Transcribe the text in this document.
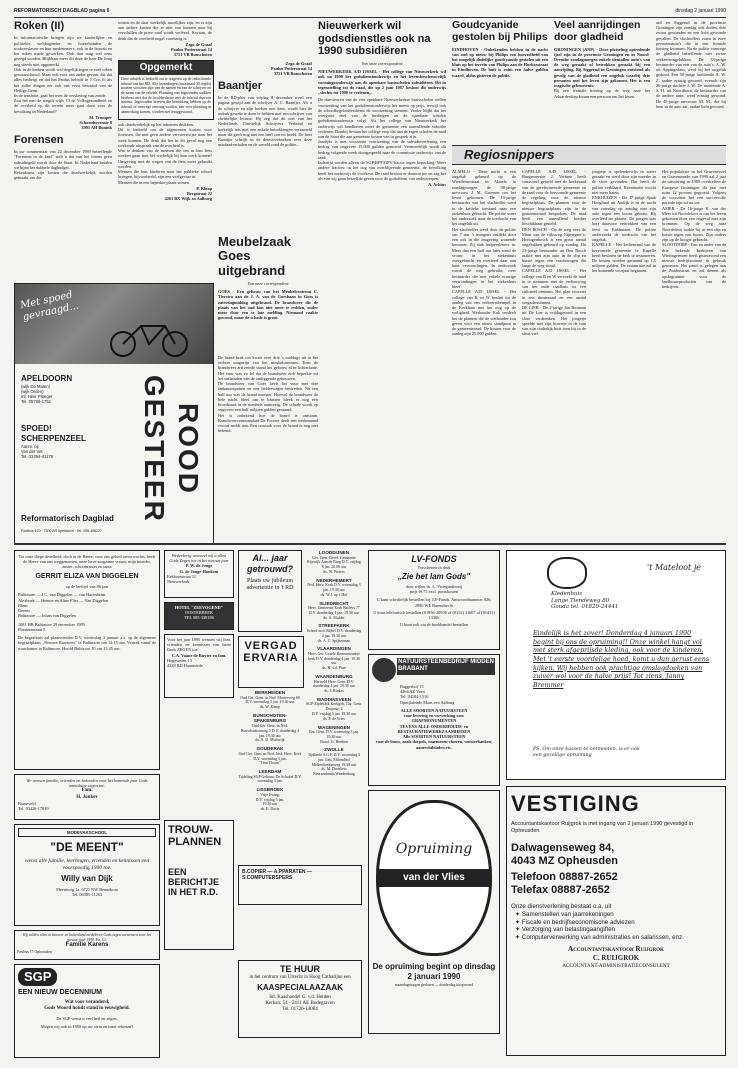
REFORMATORISCH DAGBLAD pagina 6	dinsdag 2 januari 1990
Roken (II)
In informatorische kringen zijn we kinderlijker en politieker weldragender en hoezebonden de rookverslaven en hun medenemers, ook in de hoorzit en het roken mede gewerken. Ook dan mag wel eens gezegd worden. Blijkbaar meer dit deze de heer De Jong nog steeds niet opgemerkt.
Ook in de kerken wordt wel degelijk tegen te veel roken gewaarschuwd. Maar ook voor ons ander gevaar, dat dat alles bedreigt en dat het Paulus belooft in 1 Cor. 6: als het zulke dingen eer ook ons eerst bewaard van de Heilige Geest.
In de tenslotte, gaat het over de verslaving van zonde.
Zou het met de toegift wijfs 13 de Volksgezondheid en de overheid op dit terrein meer gaat doen voor de bevolking in Nederland?
M. Trumper
Schoonhovenstr 8
3991 AH Bunnik
Forensen
In uw commentaar van 22 december 1989 betreffende "Forensen in de knel" stelt u dat van het forens geen subsidiegeld wordt door de Staat. In Nederland betalen we bijna het dubbele dagbudget.
Rekenkunst zijn kosten die deadwerkelijk worden gemaakt om die
wenen en de daar werkelijk moeilijker zijn, en er zijn aan andere kosten die er niet van kunnen naar bij verschillen de prive raad wordt verleerd. Kortom, de denk dat de overheid nogal voorbarig is.
Zego de Graaf
Paulus Potterstraat 14
3751 VB Bunschoten
Opgemerkt
Deze rubriek is bedoeld om te reageren op de redactionele inhoud van het RD. Alle inzendingen (maximaal 30 regels) moeten voorzien zijn van de namen en van de schrijver en de naam van de rubriek. Plaatsing van ingezonden stukken betekent niet dat de hoofdredactie met de inhoud daarvan instemt. Ingezonden brieven die betrekking hebben op de inhoud, of vanwege omvang worden, niet voor plaatsing in aanmerking komen, worden niet teruggestuurd.
ook daadwerkelijk op het inkomen drukken.
Dit is bedoeld om de afgenomen kosten voor forensen, die met geen andere vervoerswijze naar het werk kunnen. De denk dat het in dit geval nog een werkende uitspraak van de overheid is.
Wat te denken van de mensen die ten in hun fiets werken gaan met het werkelijk bij hun werk komen? Omgeving met de wagen van de fiets moet gebruikt worden.
Mensen die hun kinderen naar het publieke school brengen, bijvoorbeeld, zijn een veelgevaar in.
Mensen die in een beperkte plaats wonen.
P. Kloop
Bergstraat 22
4261 BX Wijk en Aalburg
Zego de Graaf
Paulus Potterstraat 14
3751 VB Bunschoten
Baantjer
In de RD-plus van vrijdag 8 december werd een pagina gewijd aan de schrijver A. C. Baantjer. Als u de schrijver en zijn boeken niet kent, wordt hier de indruk gewekt te doen te hebben met een schrijver van christelijke lectuur. Hij zeg dat dit niet van het Nederlands Christelijk Schrijvers Verbond en kerkelijk iets met een enkele betrekkingen verzameld maar dit geeft nog niet een heel correct beeld. De heer Baantjer schrijft in de detectiveboeken over deze misdaadverhalen en de wereld rond de politie...
Met spoed gevraagd...
APELDOORN
(wijk De Maten)
(wijk Orden)
Inl: Heer Ploeger
Tel. 05768-1751
SPOED!
SCHERPENZEEL
Aanm. bij
Van der Vet
Tel. 03494-41176	ROOD GESTEER
Reformatorisch Dagblad
Postbus 670 · 7300 AR Apeldoorn · Tel. 055-496227
Nieuwerkerk wil godsdienstles ook na 1990 subsidiëren
Van onze correspondent
NIEUWERKERK A/D IJSSEL - Het college van Nieuwerkerk wil ook na 1990 het godsdienstonderwijs en het levensbeschouwelijk vormingsonderwijs aan de openbare basisscholen subsidiëren. Dit in tegenstelling tot de raad, die op 2 juni 1987 besloot dit onderwijs „slechts tot 1990 te verlenen„.
De directeuren van de vier openbare Nieuwerkerkse basisscholen stellen voortzetting van het godsdienstonderwijs het meest op prijs, terwijl ook de schoolbegeleidersdienst de voortzetting steunen. Verder blijkt dat het overgrote deel van de leerlingen uit de openbare scholen godsdienstonderwijs volgt. Als het college van Nieuwerkerk het onderwijs wil handhaven moet de gemeente een aanvullende subsidie verlenen. Daarbij bestaat het college erop dat aan de eigen scholen de raad van de Staat die aan gemeente kosten van in gesprek zijn.
Jaarlijks is met voortzette voortzetting van de subsidieverlening een bedrag van ongeveer 15.000 gulden gemoeid. Vermoedelijk wordt dit bedrag volgende week doorgespeeld naar de commissie onderwijs van de raad.
Indertijd werden alleen de SGP/RPF/GPV-fractie tegen beperking. Meer andere fracties: in het oog van overblijvende gemeente, de bevolking heeft het onderwijs de voorkeur. De raad besloot er daarom toe en zag het als van wij gaan hetzelfde geven voor de godsdienst van onderwerpen.
A. Achtus
Meubelzaak Goes uitgebrand
Van onze correspondent
GOES - Een gebouw van het Meubelcentrum C. Tierstra aan de J. A. van de Goesbaan in Goes is zaterdagmiddag uitgebrand. De brandweer die de plaats van het oud kon niet meer te redden, onder meer door een te late melding. Niemand raakte gewond, maar de schade is groot.
De brand brak om kwart over drie 's middags uit in het rechter magazijn van het meubelcentrum. Toen de brandweer arriveerde stond het gebouw al in lichterlaaie. Het vuur was zo fel dat de brandweer zich beperkte tot het nathouden van de omliggende gebouwen.
De brandweer van Goes heeft het vuur met drie tankautospuiten en een ladderwagen bestreden. Na een half uur was de brand meester. Hoewel de brandweer de hele nacht bleef om te blussen bleek er nog een broeihaard in de meubels aanwezig. De schade wordt op ongeveer een half miljoen gulden geraamd.
Het is onbekend hoe de brand is ontstaan. Brandweercommandant De Poorter deelt een werkmaand vooraf meldt aan. Een oorzaak voor de brand is nog niet bekend.
Goudcyanide gestolen bij Philips
EINDHOVEN - Onbekenden hebben in de nacht van oud op nieuw bij Philips een hoeveelheid van het mogelijk dodelijke goudcyanide gestolen uit een kluis op het terrein van Philips aan de Hurksestraat in Eindhoven. De buit is ruim een halve gulden waard, aldus gisteren de politie.
Veel aanrijdingen door gladheid
GRONINGEN (ANP) - Door plotseling optredende ijzel zijn in de provincie Groningen en in Noord-Drenthe zondagmorgen enkele tientallen auto's van de weg geraakt of betrokken geraakt bij een aanrijding. Bij Siggerud in Groningen ontstond als gevolg van de gladheid een ongeluk waarbij drie personen met het leven zijn gekomen. Het is een tragische gebeurtenis.
Bij een frontale botsing op de weg naar het Aduarderdiep kwam een persoon om het leven.
ard en Siggerud in de provincie Groningen zijn zondag ook doden, drie zwaar gewonden en een licht gewonde gevallen. De slachtoffers zaten in twee personenauto's die in een frontale botsing kwamen. Na de politie vanwege de gladheid betreffende niet zware verkeersongelukken. De 53-jarige bestuurder van een van de auto's, A. W. uit Appingedam, werd bij het ongeluk gedood. Een 50-jarige inzittende A. W. Z. raakte ernstig gewond, evenals zijn 26-jarige dochter J. W. De inzittende A. S. H. uit Noordhorn, de bestuurder van de andere auto, werd ernstig gewond. De 45-jarige mevrouw M. M., die bij hem in de auto zat, raakte licht gewond.
Regiosnippers
ALMELO - Deze nacht is een ongeluk gebeurd op de Wierdensestraat in Almelo in zondagmorgen de 58-jarige mevrouw J. M. Groenen om het leven gekomen. De 19-jarige bestuurder van het slachtoffer werd in de kritieke toestand naar een ziekenhuis gebracht. De politie voert het onderzoek naar de toedracht van het ongeluk uit.
Het slachtoffer werd door de politie om 7 uur 's morgens ontdekt door een ook in die omgeving wonende bewoner. Zij stak hulpverleners in. Meer dan een half uur later werd de vrouw in het ziekenhuis overgebracht en overleed daar aan haar verwondingen. In onderzoek wordt de weg gebruikt, over bestuurder die met enkele ernstige verwondingen in het ziekenhuis bleef.
CAPELLE A/D IJSSEL - Het college van B en W besluit tot de aanleg van een verkeersdrempel in de Kerklaan met het oog op de veiligheid. Wethouder Kok verdeelt het de plannen die de wethouder zou geven voor een nieuw standpunt in de gemeenteraad. De kosten voor de aanleg zijn 25.000 gulden.
CAPELLE A/D IJSSEL - Burgemeester J. Verbree heeft vanavond gesteld met de kerkeraad van de gereformeerde gemeente en de raad voor de hervormde gemeente de regeling voor de nieuwe begraafplaats. De plannen voor de nieuwe begraafplaats zijn in de gemeenteraad besproken. De raad heeft een aanvullend krediet beschikbaar gesteld.
DEN BOSCH - Op de weg over de Maas van de rijksweg Nijmegen-'s-Hertogenbosch is een groot aantal ongelukken gebeurd op zondag. De 23-jarige bestuurder uit Den Bosch raakte met zijn auto in de slip en botste tegen een vrachtwagen die langs de weg stond.
CAPELLE A/D IJSSEL - Het college van B en W verzoekt de raad in te stemmen met de verbouwing van het oude raadhuis tot een cultureel centrum. Het plan voorziet in een theaterzaal en een aantal vergaderruimten.
DE LIER - De 2-jarige Jan Bouman uit De Lier is vrijdagavond in een sloot verdronken. Het jongetje speelde met zijn broertje in de tuin van zijn ouderlijk huis toen hij in de sloot viel.
jongetje is spelenderwijs in water geraakt en werd door zijn moeder in de sloot gevonden. Dat heeft de politie verklaard. Reanimatie mocht niet meer baten.
ENKHUIZEN - De 17-jarige Sjaak Hoogland uit Andijk is in de nacht van zaterdag op zondag met zijn auto tegen een boom gebotst. Hij overleed ter plaatse. De jongen was kort daarvoor vertrokken van een feest in Enkhuizen. De politie onderzoekt de toedracht van het ongeluk.
KAPELLE - Het kerkenraad van de hervormde gemeente te Kapelle heeft besloten de kerk te restaureren. De kosten worden geraamd op 1,5 miljoen gulden. De restauratie zal in het komende voorjaar beginnen.
Het populairste in het Gravenvezel en Gravenzande van 1990 zal 2 jaar de uitvoering in 1989 overtreffen de Europese Groningen dit jaar met ruim 12 procent gegroeid. Volgens de voorzitter het een succesvolle periode zijn tot nu toe.
AMER - De 16-jarige K. van der Meer uit Noordeloos is om het leven gekomen door een ongeval met zijn brommer. Op de weg naar Noordeloos raakte hij in een slip en botste tegen een boom. Zijn ouders zijn op de hoogte gebracht.
SLOOTDORP - Een en ander van de drie bekende bedrijven van Wieringermeer heeft gisteravond een nieuwe bedrijfsruimte in gebruik genomen. Het pand is gelegen aan de Zuiderstraat en zal dienen als opslagruimte voor de landbouwproducten van de bedrijven.
Tot onze diepe droefheid, doch in de Heere, voor ons geloof onverwachts, heeft de Heere van ons weggenomen, onze lieve zorgzame vrouw, mijn moeder, zuster, schoonzuster en tante
GERRIT ELIZA VAN DIGGELEN
op de leeftijd van 86 jaar
Baltimore — J.C. van Diggelen — van Harenheim
Alexboek — Hennie en Aline Flier — Van Diggelen
Blanc
Gerem
Baltimore — Johan van Diggelen
1081 HB Baltimore 29 december 1989
Planteenstraat 5
De begrafenis zal plaatsvinden D.V. woensdag 3 januari a.s. op de algemene begraafplaats „Nieuwe Rusttoevt" te Baltimore om 14.15 uur. Vertrek vanaf de rouwkamer te Baltimore, Hoofd Bulstrooi 10 om 13.45 uur.
We wensen familie, vrienden en bekenden voor het komende jaar Gods onmisbare zegen toe.
Fam.
H. Jonker
Barneveld
Tel. 03426-17819
MODEVAKSCHOOL
"DE MEENT"
wenst alle familie, leerlingen, vrienden en kennissen een voorspoedig 1990 toe.
Willy van Dijk
Meentweg 1a, 6721 NW Bennekom
Tel. 08385-11263
Wij wilden allen in binnen- en buitenland medeleven Gods zegen toewensen voor het nieuwe jaar 1990. Fa. Gt.
Familie Karens
Postbus 17 Ophousden
SGP
EEN NIEUW DECENNIUM
Wat voor veranderd,
Gods Woord houdt stand in eeuwigheid.
De SGP wenst u veel heil en zegen.
Mogen wij ook in 1990 op uw stem en inzet rekenen?
Wederkerig wenswel wij u allen Gods Zegen toe in het nieuwe jaar
P. W. de Jonge
G. de Jonge-Honkem
Eekhornstraat 11
Nieuwerkerk
HOTEL "ZEEVOGEND"
OOSTERBEEK
TEL 085-338186
Voor het jaar 1990 wensen wij fam. vrienden en kennissen van harte Gods ZEGEN toe.
C.A. Vaane de Ruyter en fam.
Hogeweien 13
4328 BD Haamstede
Al... jaar getrouwd?
Plaats uw jubileum advertentie in 't RD
VERGADERVARIA
BERKHEIDEN
Oud Ger. Gem. in Ned. Mosterweg 60 D.V. woensdag 3 jan. 19.30 uur
ds. W. Kamp
BUNSCHOTEN-SPAKENBURG
Oud Ger. Gem. in Ned. Bouwbastionweg 3 D.V. donderdag 4 jan. 19.30 uur
ds. A. D. Multwijk
GOUDERAK
Oud Ger. Gem. in Ned. Ned. Herv. Kerk D.V. woensdag 3 jan.
"Onsi Doorn"
LEERDAM
Tijdeling SGP Gebouw De Schakel D.V. woensdag 3 jan.
LISSBROEK
Vrije Evang.
D.V. vrijdag 5 jan.
19.30 uur
ds. E. Dacie
LOODDIJNEN
Ger. Gem. Geref. Gemeente Rijswijk Aan de Burg D.V. vrijdag 6 jan. 20.00 uur
ds. W. Pieters
NEDERHEMERT
Ned. Herv. Kerk D.V. woensdag 3 jan. 19.30 uur
ds. W.J. op 't Hof
SLIEDRECHT
Herv. Gemeente Kerk Baileys 77
D.V. donderdag 4 jan. 19.30 uur
ds. A. Mulder
STREEFKERK
School m.d. Bijbel D.V. donderdag 4 jan. 19.30 uur
ds. A. C. Spijkerman
VLAARDINGEN
Herv. Ger. Courle Remonstrantse kerk D.V. donderdag 4 jan. 19.30 uur
ds. H. v.d. Pure
WAARDENBURG
Hersteld Herv. Gem. D.V. donderdag 4 jan. 19.30 uur
ds. J. Rinkes
WADDINXVEEN
SGP-Zijdeblok Kerkgeb. Chr. Gem. Dorpsstr. 2
D.V. vrijdag 5 jan. 19.30 uur
ds. P. de Vries
WAGENINGEN
Ger. Gem. D.V. woensdag 3 jan. 19.30 uur
Braaf. G. Hoeben
ZWOLLE
Tijdlinde S.G.P. D.V. woensdag 3 jan. Geb. Milandhof Midlenhoekseweg 19.30 uur
ds. M. Dronkers
Beurzenbrink/Waadenburg
TROUW-PLANNEN
EEN BERICHTJE IN HET R.D.
B.COPIER — A.PPARATEN — S.COMPUTERSPERS
TE HUUR
in het centrum van Utrecht in Hoog Catharijne een
KAASPECIALAAZAAK
Inl. Kaashandel G. v.d. Heiden
Kerkstr. 54 - 2411 AE Bodegraven
Tel. 01726-14084
LV-FONDS
Verschenen in druk
„Zie het lam Gods"
door wijlen ds. L. Vroegindeweij
prijs f9.75 excl. portokosten
U kunt schriftelijk bestellen bij: LV-Fonds, Antwoordnummer 826, 2990 WE Barendrecht
U kunt telefonisch bestellen (01856-20956 of (0152) 11607 of (01411) 13306
U kunt ook via de boekhandel bestellen
NATUURSTEENBEDRIJF MIDDEN BRABANT
Baggerhof 13
4264 AZ Veen
Tel. 04184-1516
Opnijlalende Maas een Aalburg
ALLE SOORTEN NATUURSTEEN
voor levering en verwerking van:
GRAFMONUMENTEN
TEVENS ALLE ONDERHOUDS- en RESTAURATIEWERKZAAMHEDEN
Alle SOORTEN NATUURSTEEN
voor de bouw, zoals dorpels, marmeren vloeren, vensterbanken, aanrechtbladen etc.
Opruiming
van der Vlies
De opruiming begint op dinsdag 2 januari 1990
maandagmorgen gesloten — donderdag koopavond
't Mateloot je
Kledenhuis
Lange Tiendeweg 80
Gouda tel. 01820-24441
Eindelijk is het zover! Donderdag 4 januari 1990 begint bij ons de opruiming!! Onze winkel hangt vol met sterk afgeprijsde kleding, ook voor de kinderen. Met 't eerste voordelige hoed, komt u dan gerust eens kijken. Wij hebben ook prachtige omslagdoeken van zuiver wol voor de halve prijs! Tot ziens, Janny Bremmer
PS. Om onze kassen te ontmoeten, is er ook een gezellige opruiming
VESTIGING
Accountantskantoor Ruijgrok is met ingang van 2 januari 1990 gevestigd in Opheusden
Dalwagenseweg 84,
4043 MZ Opheusden
Telefoon 08887-2652
Telefax 08887-2652
Onze dienstverlening bestaat o.a. uit
✦ Samenstellen van jaarrekeningen
✦ Fiscale en bedrijfseconomische adviezen
✦ Verzorging van belastingaangiften
✦ Computerverwerking van administraties en salarissen, enz.
Accountantskantoor Ruijgrok
C. RUIJGROK
ACCOUNTANT-ADMINISTRATIECONSULENT
